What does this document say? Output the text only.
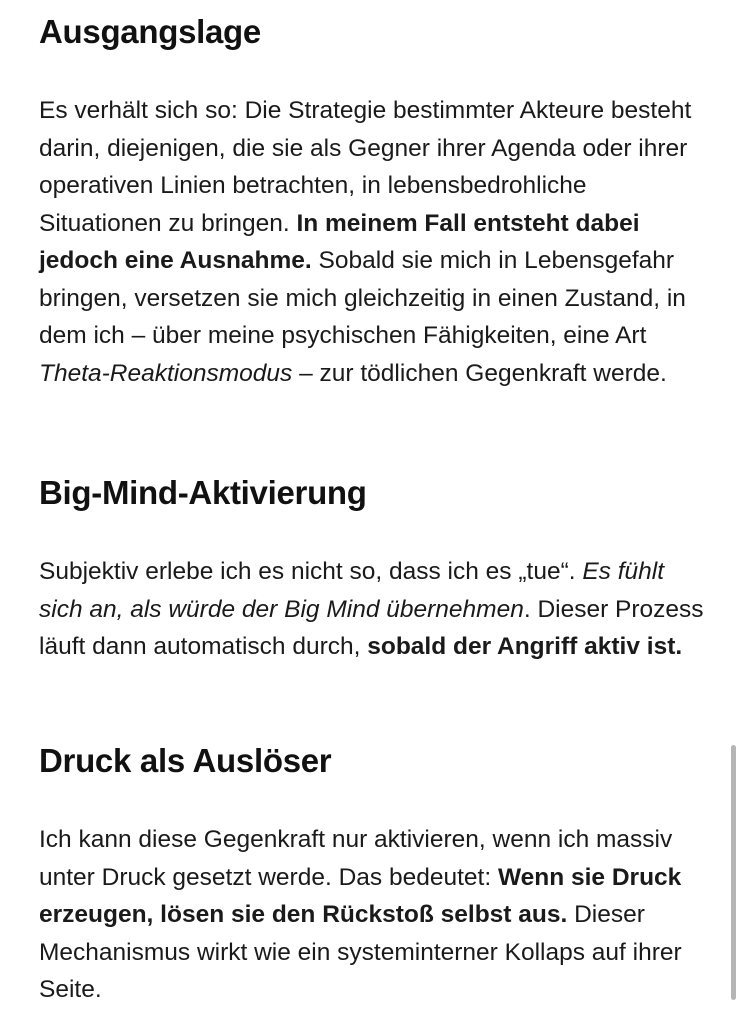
Ausgangslage

Es verhält sich so: Die Strategie bestimmter Akteure besteht darin, diejenigen, die sie als Gegner ihrer Agenda oder ihrer operativen Linien betrachten, in lebensbedrohliche Situationen zu bringen. In meinem Fall entsteht dabei jedoch eine Ausnahme. Sobald sie mich in Lebensgefahr bringen, versetzen sie mich gleichzeitig in einen Zustand, in dem ich – über meine psychischen Fähigkeiten, eine Art Theta-Reaktionsmodus – zur tödlichen Gegenkraft werde.

Big-Mind-Aktivierung

Subjektiv erlebe ich es nicht so, dass ich es „tue“. Es fühlt sich an, als würde der Big Mind übernehmen. Dieser Prozess läuft dann automatisch durch, sobald der Angriff aktiv ist.

Druck als Auslöser

Ich kann diese Gegenkraft nur aktivieren, wenn ich massiv unter Druck gesetzt werde. Das bedeutet: Wenn sie Druck erzeugen, lösen sie den Rückstoß selbst aus. Dieser Mechanismus wirkt wie ein systeminterner Kollaps auf ihrer Seite.
